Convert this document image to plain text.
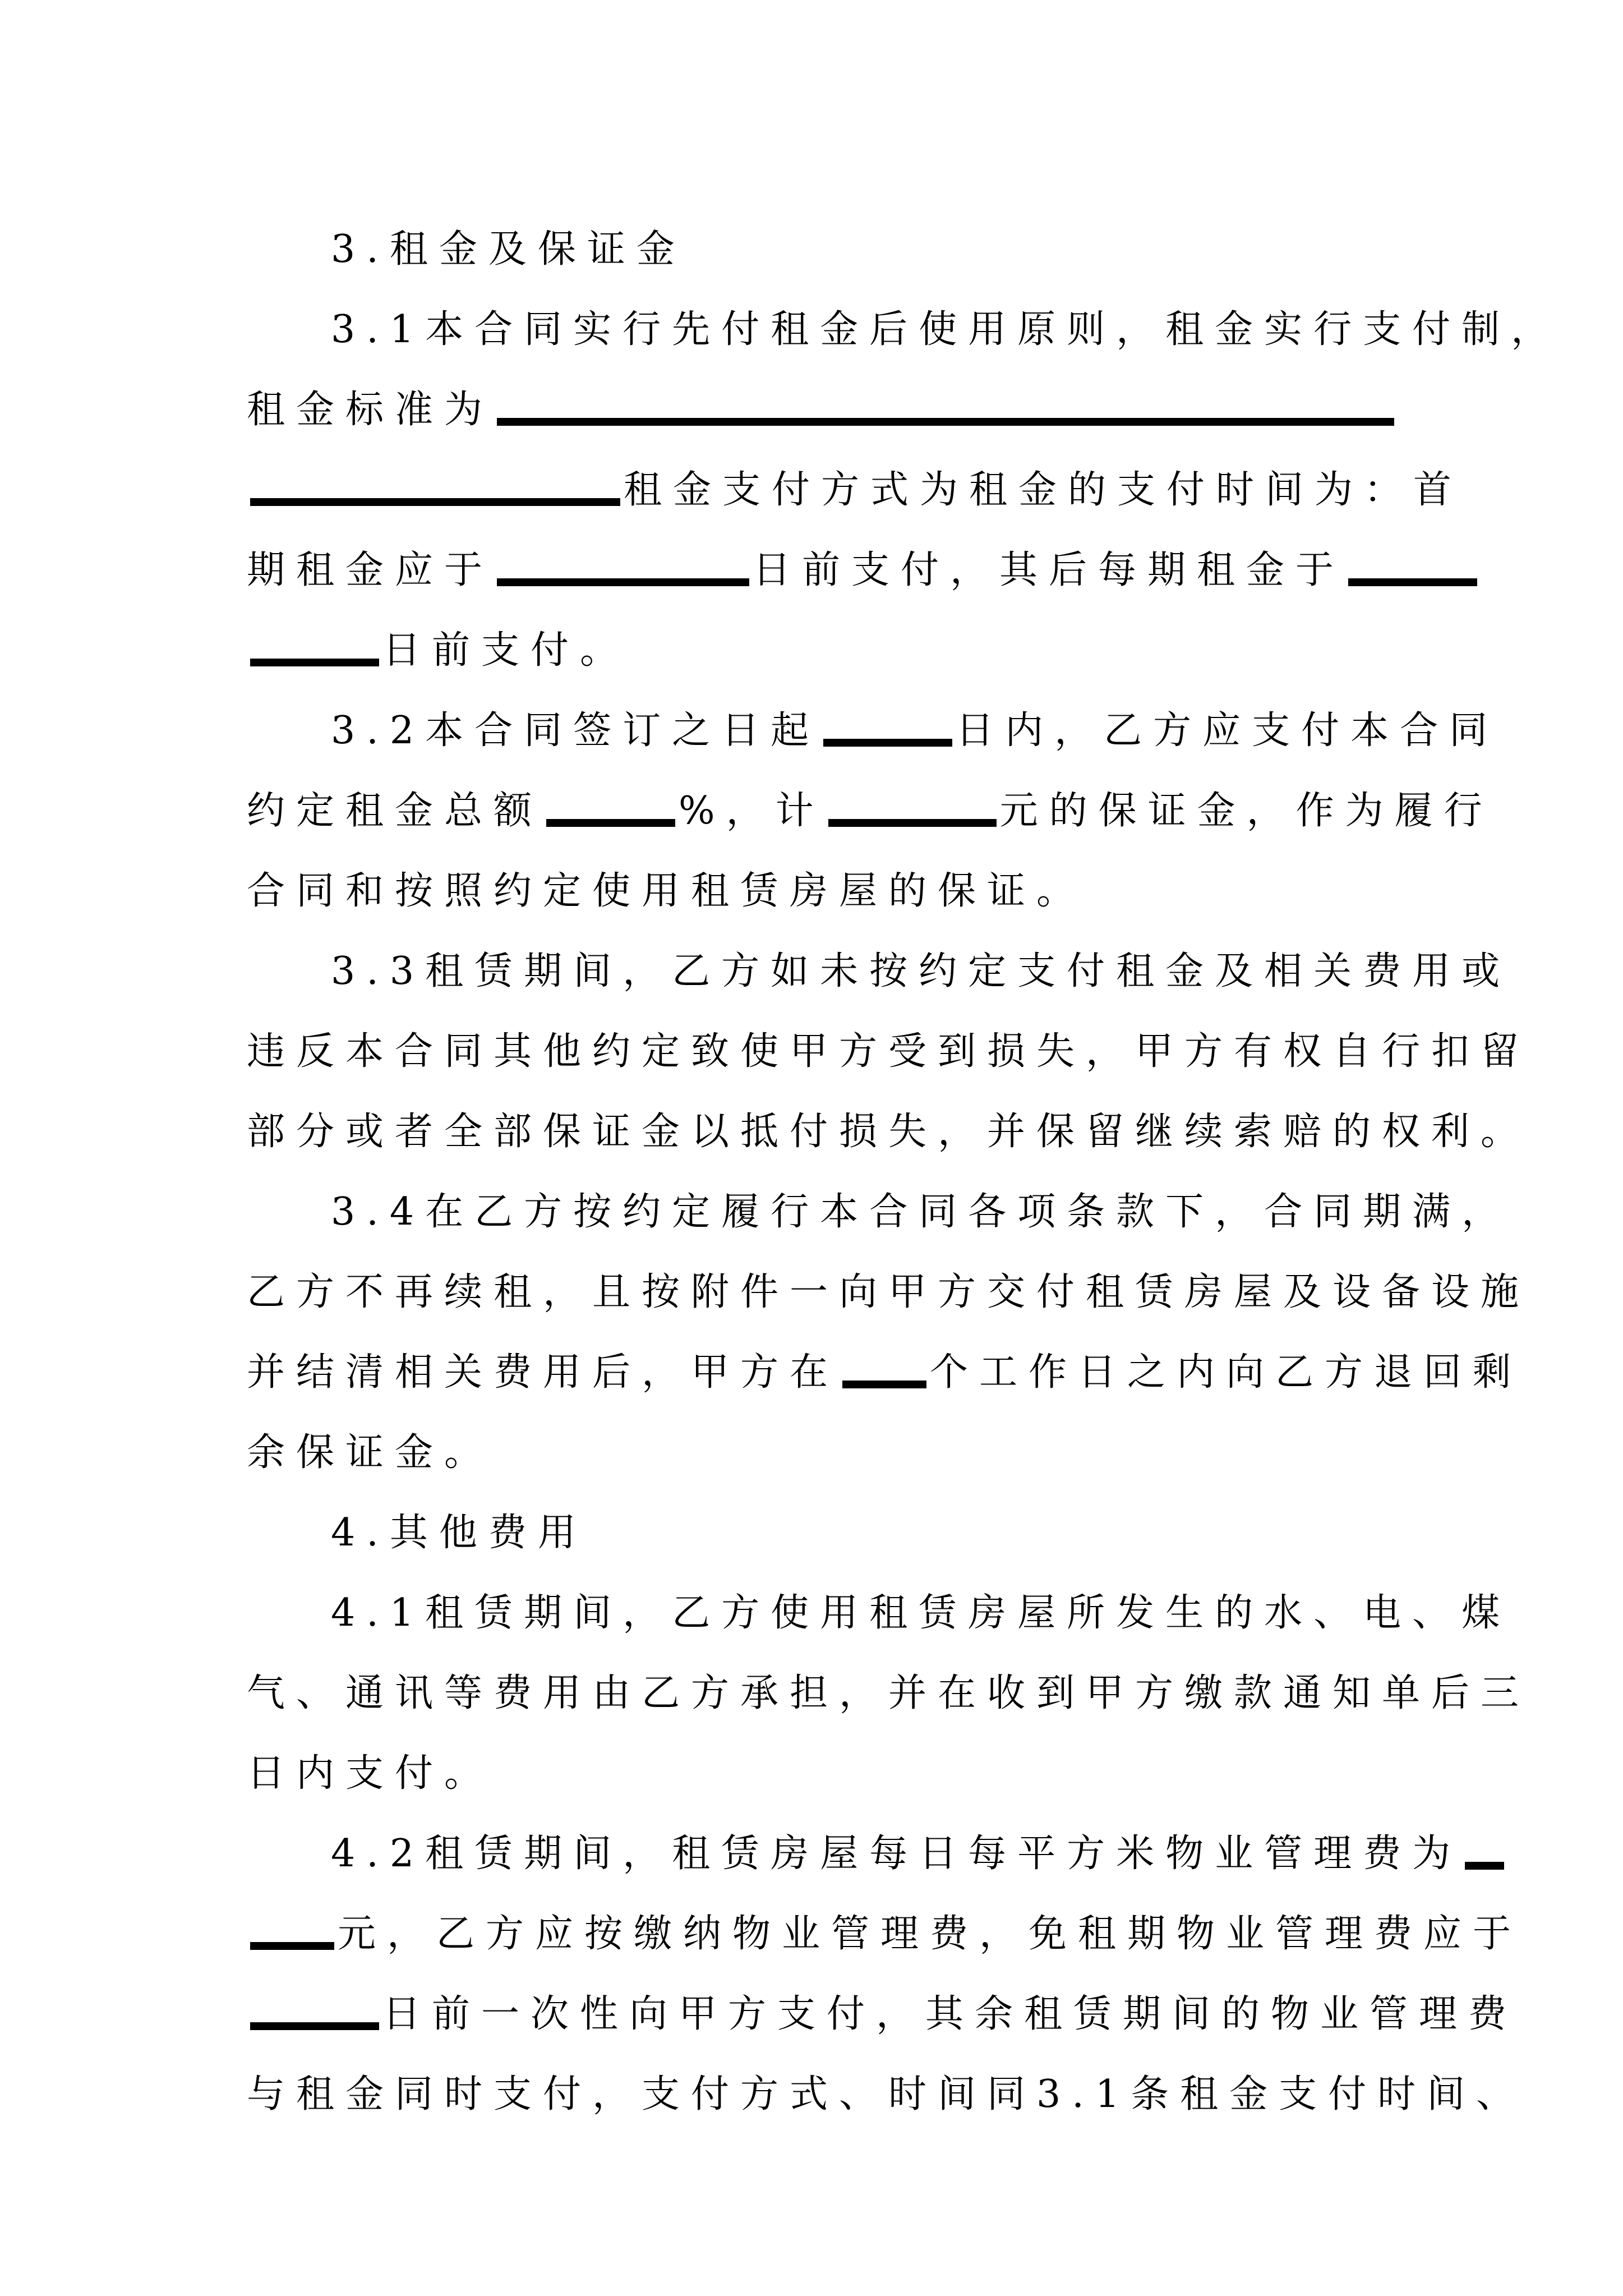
3.租金及保证金
3.1本合同实行先付租金后使用原则，租金实行支付制，
租金标准为
租金支付方式为租金的支付时间为：首
期租金应于	日前支付，其后每期租金于
日前支付。
3.2本合同签订之日起	日内，乙方应支付本合同
约定租金总额	%，计	元的保证金，作为履行
合同和按照约定使用租赁房屋的保证。
3.3租赁期间，乙方如未按约定支付租金及相关费用或
违反本合同其他约定致使甲方受到损失，甲方有权自行扣留
部分或者全部保证金以抵付损失，并保留继续索赔的权利。
3.4在乙方按约定履行本合同各项条款下，合同期满，
乙方不再续租，且按附件一向甲方交付租赁房屋及设备设施
并结清相关费用后，甲方在 个工作日之内向乙方退回剩
余保证金。
4.其他费用
4.1租赁期间，乙方使用租赁房屋所发生的水、电、煤
气、通讯等费用由乙方承担，并在收到甲方缴款通知单后三
日内支付。
4.2租赁期间，租赁房屋每日每平方米物业管理费为
元，乙方应按缴纳物业管理费，免租期物业管理费应于
日前一次性向甲方支付，其余租赁期间的物业管理费
与租金同时支付，支付方式、时间同3.1条租金支付时间、
